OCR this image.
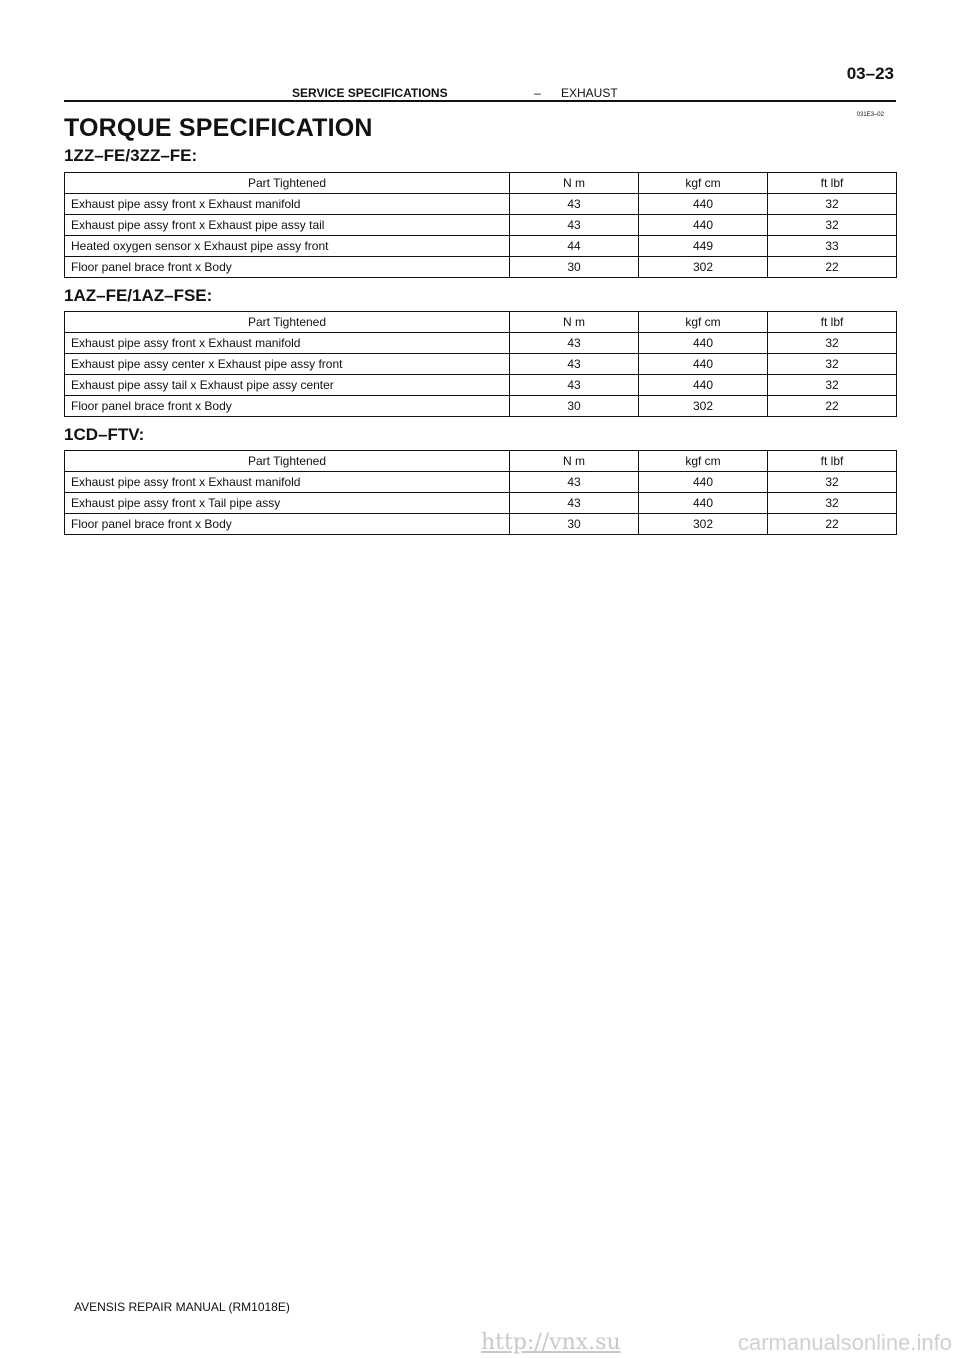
03–23
SERVICE SPECIFICATIONS	– EXHAUST
031E3–02
TORQUE SPECIFICATION
1ZZ–FE/3ZZ–FE:
Part Tightened	N m	kgf cm	ft lbf
Exhaust pipe assy front x Exhaust manifold	43	440	32
Exhaust pipe assy front x Exhaust pipe assy tail	43	440	32
Heated oxygen sensor x Exhaust pipe assy front	44	449	33
Floor panel brace front x Body	30	302	22
1AZ–FE/1AZ–FSE:
Part Tightened	N m	kgf cm	ft lbf
Exhaust pipe assy front x Exhaust manifold	43	440	32
Exhaust pipe assy center x Exhaust pipe assy front	43	440	32
Exhaust pipe assy tail x Exhaust pipe assy center	43	440	32
Floor panel brace front x Body	30	302	22
1CD–FTV:
Part Tightened	N m	kgf cm	ft lbf
Exhaust pipe assy front x Exhaust manifold	43	440	32
Exhaust pipe assy front x Tail pipe assy	43	440	32
Floor panel brace front x Body	30	302	22
AVENSIS REPAIR MANUAL (RM1018E)
http://vnx.su	carmanualsonline.info
